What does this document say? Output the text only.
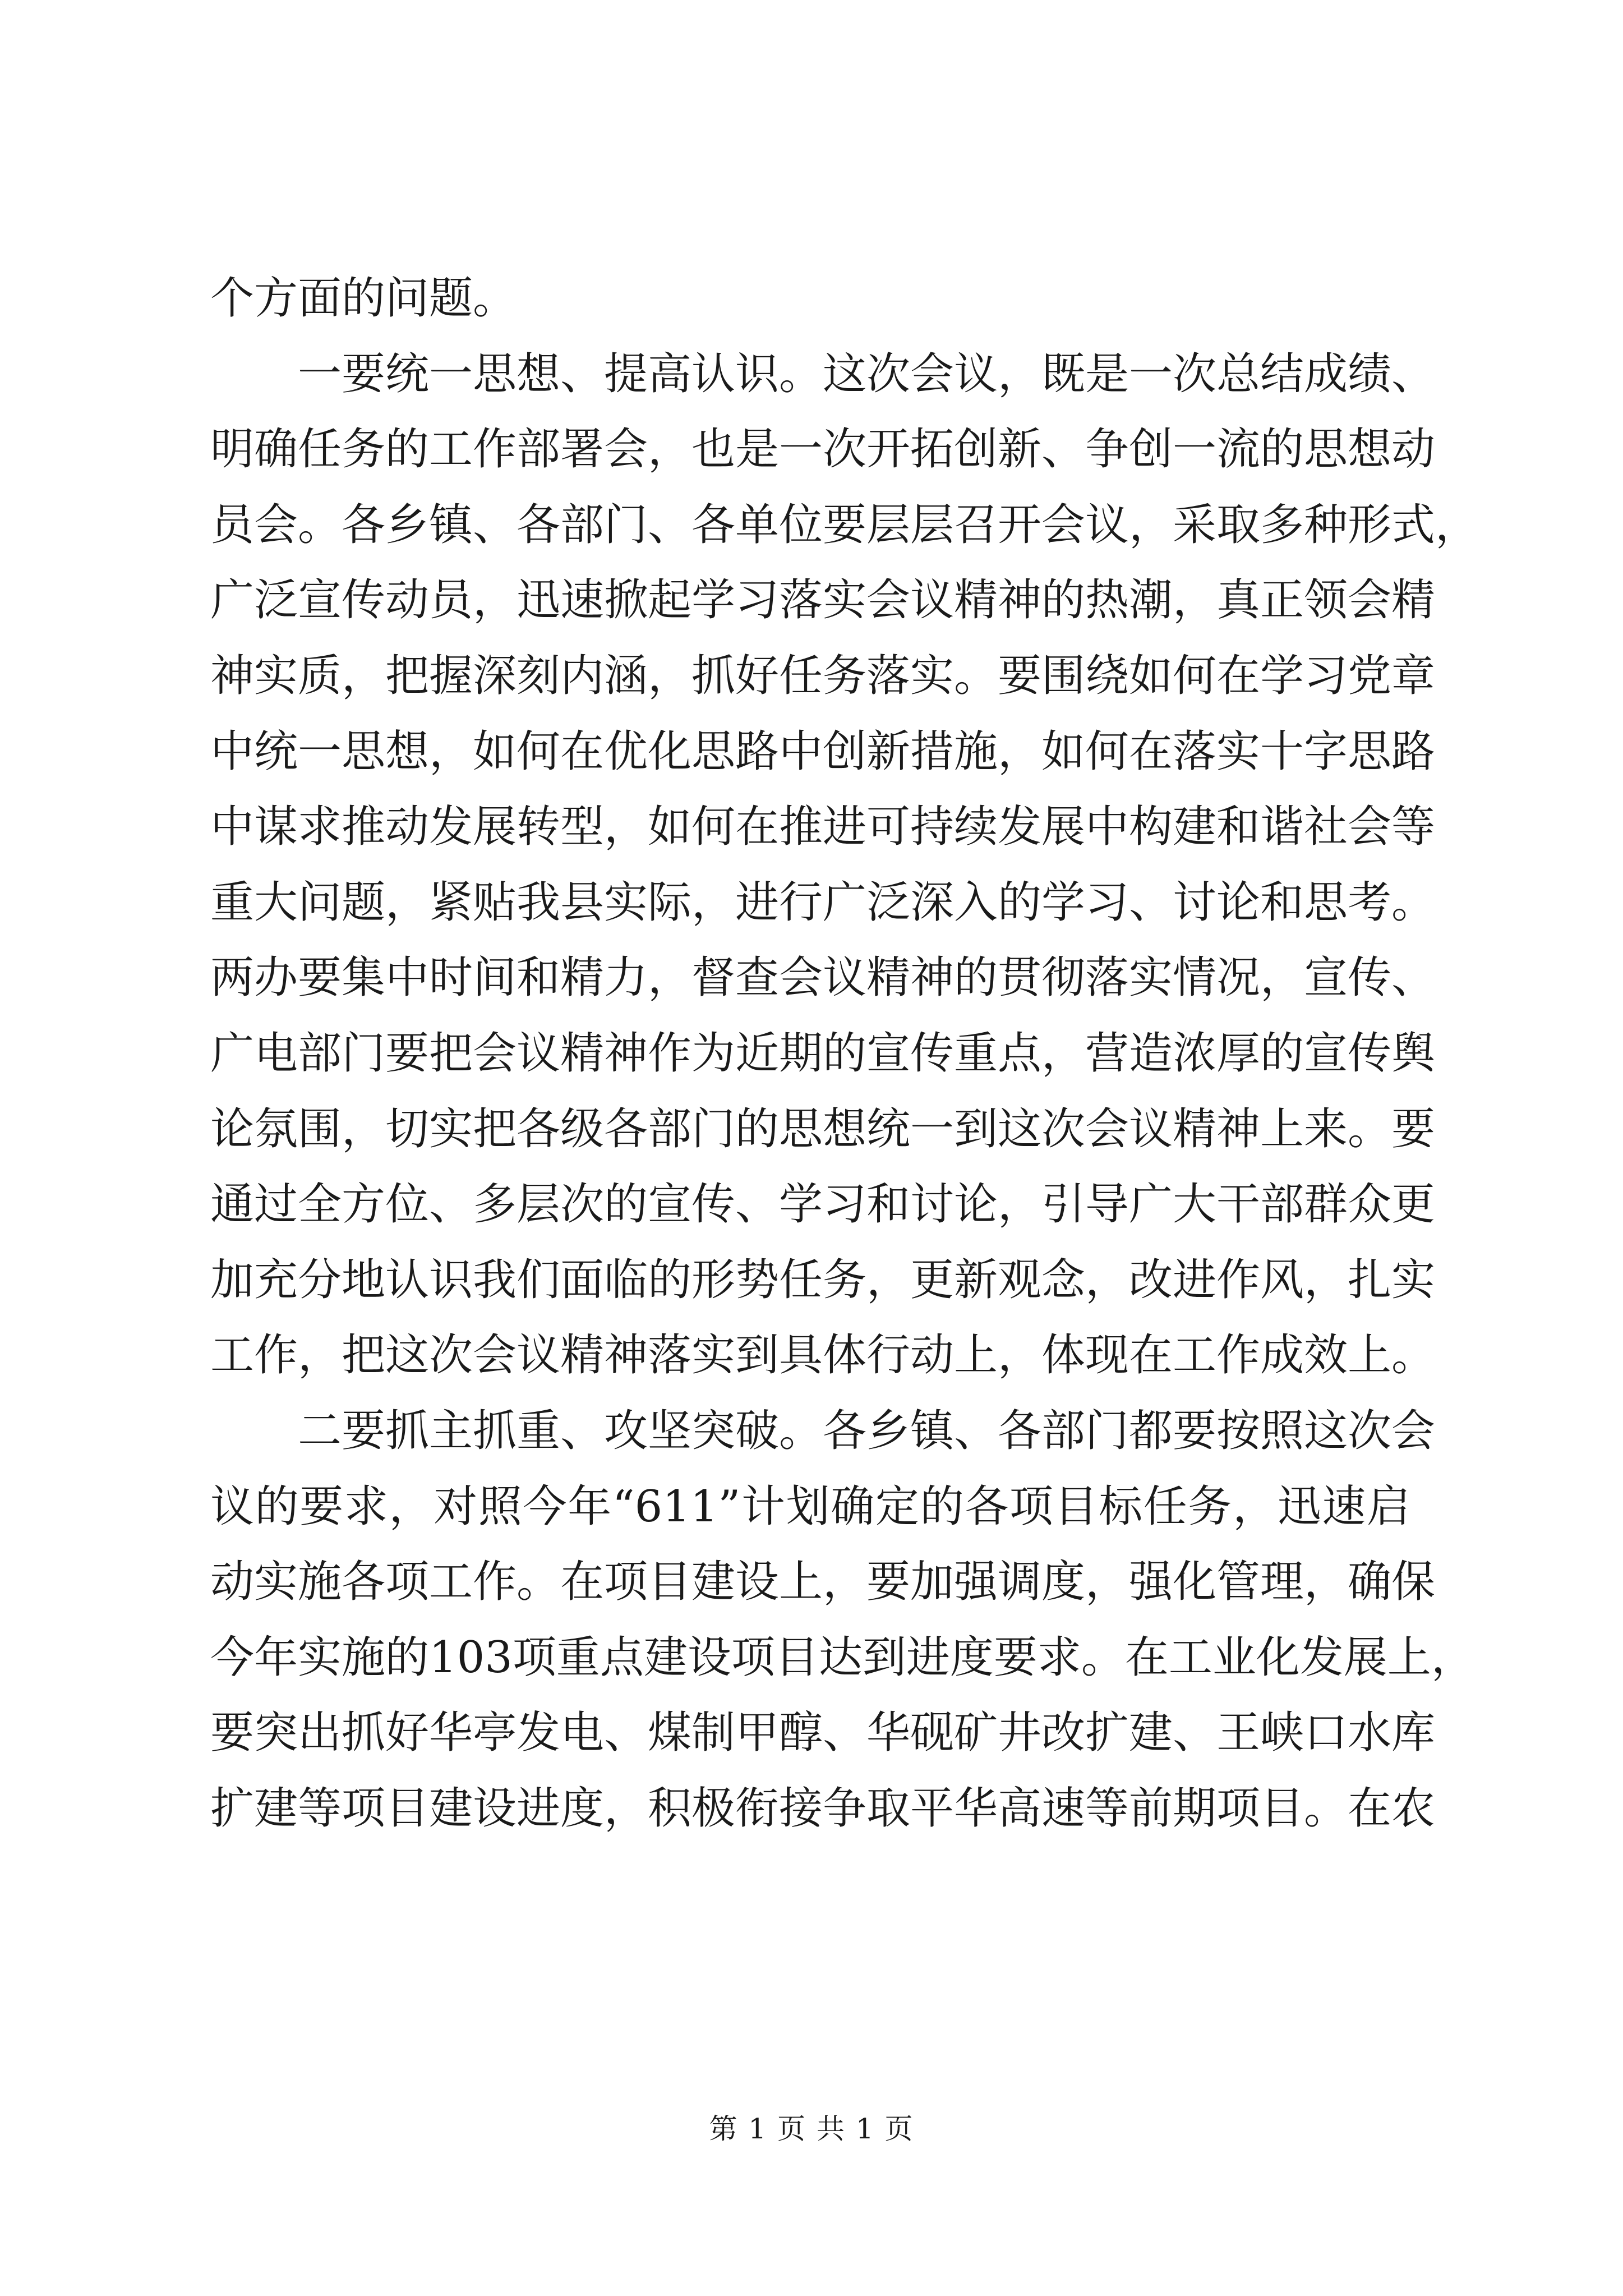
个方面的问题。
一要统一思想、提高认识。这次会议，既是一次总结成绩、
明确任务的工作部署会，也是一次开拓创新、争创一流的思想动
员会。各乡镇、各部门、各单位要层层召开会议，采取多种形式，
广泛宣传动员，迅速掀起学习落实会议精神的热潮，真正领会精
神实质，把握深刻内涵，抓好任务落实。要围绕如何在学习党章
中统一思想，如何在优化思路中创新措施，如何在落实十字思路
中谋求推动发展转型，如何在推进可持续发展中构建和谐社会等
重大问题，紧贴我县实际，进行广泛深入的学习、讨论和思考。
两办要集中时间和精力，督查会议精神的贯彻落实情况，宣传、
广电部门要把会议精神作为近期的宣传重点，营造浓厚的宣传舆
论氛围，切实把各级各部门的思想统一到这次会议精神上来。要
通过全方位、多层次的宣传、学习和讨论，引导广大干部群众更
加充分地认识我们面临的形势任务，更新观念，改进作风，扎实
工作，把这次会议精神落实到具体行动上，体现在工作成效上。
二要抓主抓重、攻坚突破。各乡镇、各部门都要按照这次会
议的要求，对照今年“611”计划确定的各项目标任务，迅速启
动实施各项工作。在项目建设上，要加强调度，强化管理，确保
今年实施的103项重点建设项目达到进度要求。在工业化发展上，
要突出抓好华亭发电、煤制甲醇、华砚矿井改扩建、王峡口水库
扩建等项目建设进度，积极衔接争取平华高速等前期项目。在农
第 1 页 共 1 页
